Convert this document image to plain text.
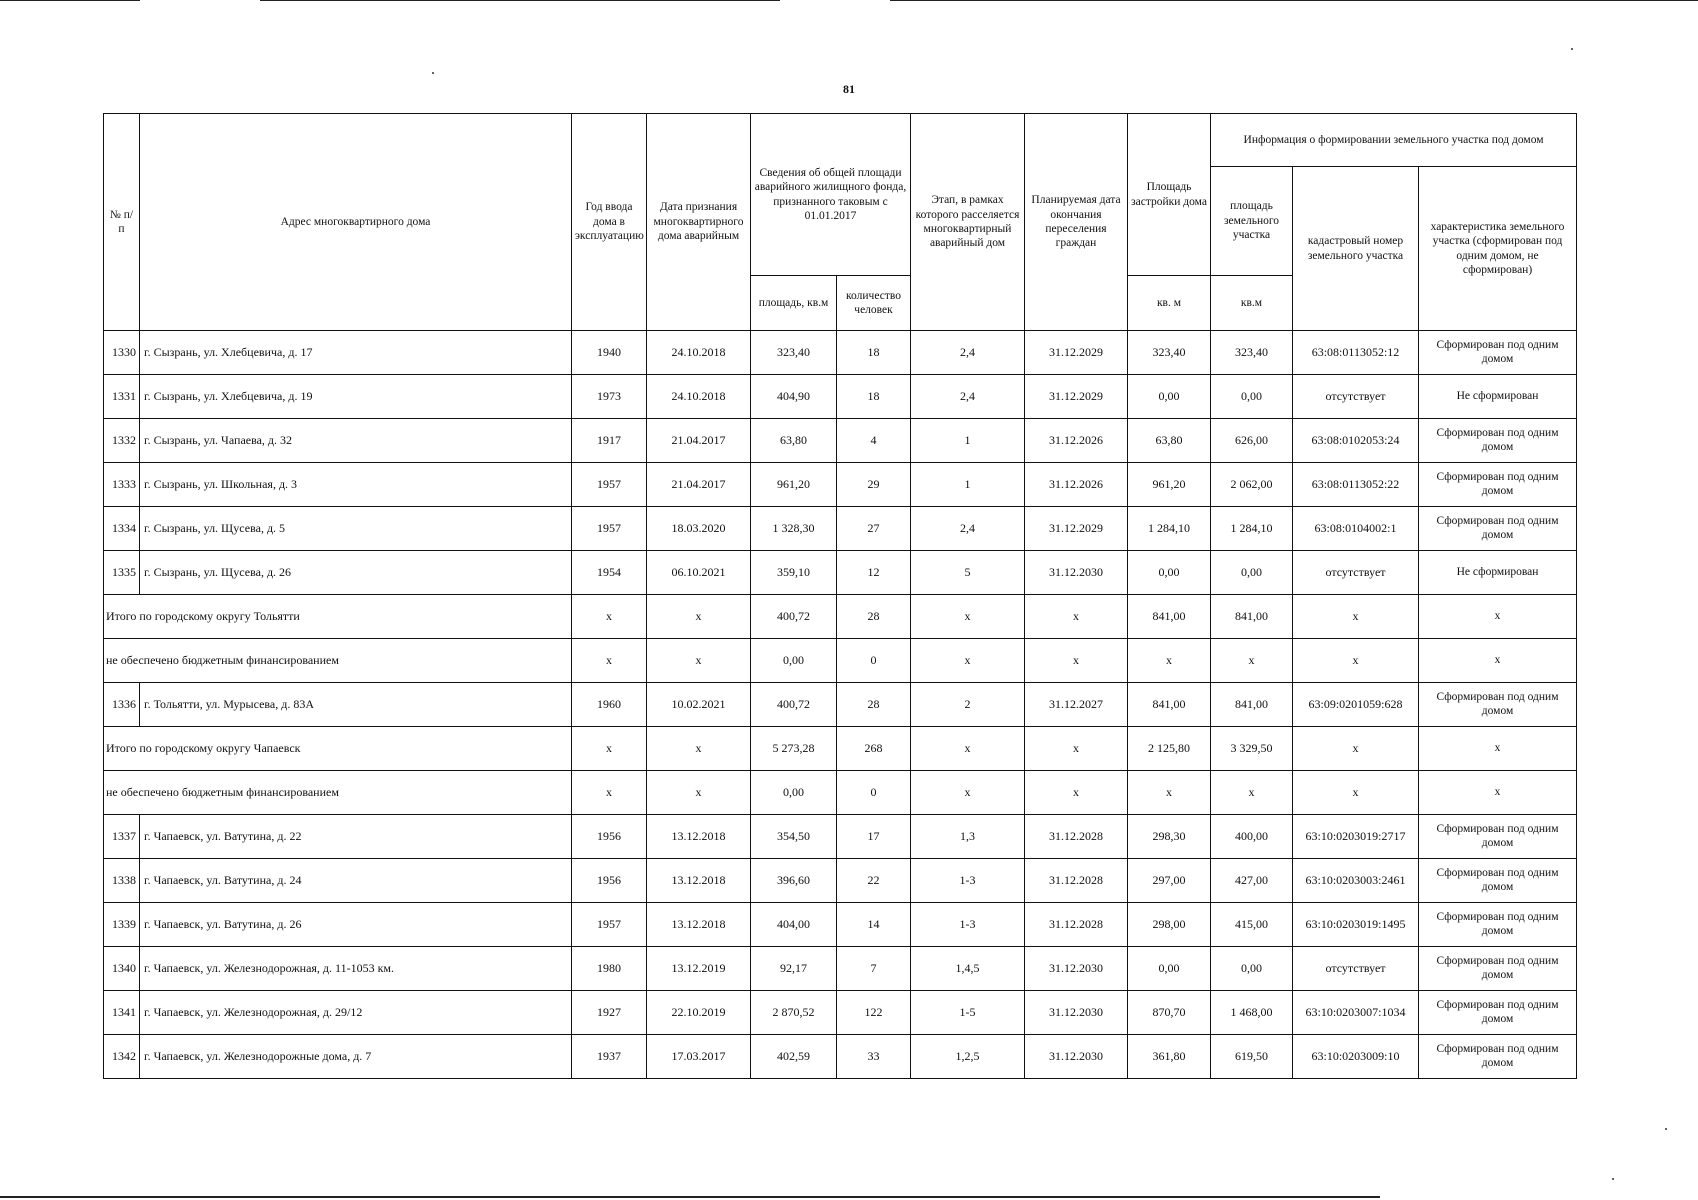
81
№ п/п	Адрес многоквартирного дома	Год ввода дома в эксплуатацию	Дата признания многоквартирного дома аварийным	Сведения об общей площади аварийного жилищного фонда, признанного таковым с 01.01.2017		Этап, в рамках которого расселяется многоквартирный аварийный дом	Планируемая дата окончания переселения граждан	Площадь застройки дома	Информация о формировании земельного участка под домом		
									площадь земельного участка	кадастровый номер земельного участка	характеристика земельного участка (сформирован под одним домом, не сформирован)
				площадь, кв.м	количество человек			кв. м	кв.м		
1330	г. Сызрань, ул. Хлебцевича, д. 17	1940	24.10.2018	323,40	18	2,4	31.12.2029	323,40	323,40	63:08:0113052:12	Сформирован под одним домом
1331	г. Сызрань, ул. Хлебцевича, д. 19	1973	24.10.2018	404,90	18	2,4	31.12.2029	0,00	0,00	отсутствует	Не сформирован
1332	г. Сызрань, ул. Чапаева, д. 32	1917	21.04.2017	63,80	4	1	31.12.2026	63,80	626,00	63:08:0102053:24	Сформирован под одним домом
1333	г. Сызрань, ул. Школьная, д. 3	1957	21.04.2017	961,20	29	1	31.12.2026	961,20	2 062,00	63:08:0113052:22	Сформирован под одним домом
1334	г. Сызрань, ул. Щусева, д. 5	1957	18.03.2020	1 328,30	27	2,4	31.12.2029	1 284,10	1 284,10	63:08:0104002:1	Сформирован под одним домом
1335	г. Сызрань, ул. Щусева, д. 26	1954	06.10.2021	359,10	12	5	31.12.2030	0,00	0,00	отсутствует	Не сформирован
Итого по городскому округу Тольятти		x	x	400,72	28	x	x	841,00	841,00	x	x
не обеспечено бюджетным финансированием		x	x	0,00	0	x	x	x	x	x	x
1336	г. Тольятти, ул. Мурысева, д. 83А	1960	10.02.2021	400,72	28	2	31.12.2027	841,00	841,00	63:09:0201059:628	Сформирован под одним домом
Итого по городскому округу Чапаевск		x	x	5 273,28	268	x	x	2 125,80	3 329,50	x	x
не обеспечено бюджетным финансированием		x	x	0,00	0	x	x	x	x	x	x
1337	г. Чапаевск, ул. Ватутина, д. 22	1956	13.12.2018	354,50	17	1,3	31.12.2028	298,30	400,00	63:10:0203019:2717	Сформирован под одним домом
1338	г. Чапаевск, ул. Ватутина, д. 24	1956	13.12.2018	396,60	22	1-3	31.12.2028	297,00	427,00	63:10:0203003:2461	Сформирован под одним домом
1339	г. Чапаевск, ул. Ватутина, д. 26	1957	13.12.2018	404,00	14	1-3	31.12.2028	298,00	415,00	63:10:0203019:1495	Сформирован под одним домом
1340	г. Чапаевск, ул. Железнодорожная, д. 11-1053 км.	1980	13.12.2019	92,17	7	1,4,5	31.12.2030	0,00	0,00	отсутствует	Сформирован под одним домом
1341	г. Чапаевск, ул. Железнодорожная, д. 29/12	1927	22.10.2019	2 870,52	122	1-5	31.12.2030	870,70	1 468,00	63:10:0203007:1034	Сформирован под одним домом
1342	г. Чапаевск, ул. Железнодорожные дома, д. 7	1937	17.03.2017	402,59	33	1,2,5	31.12.2030	361,80	619,50	63:10:0203009:10	Сформирован под одним домом
